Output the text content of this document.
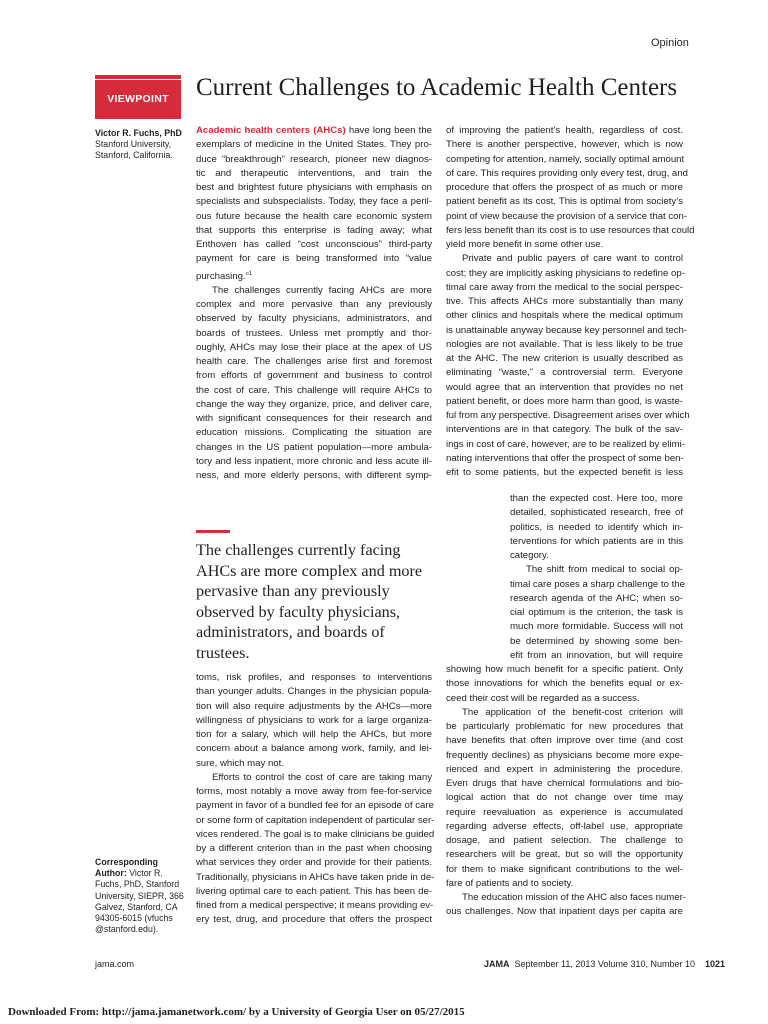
Opinion
VIEWPOINT	Current Challenges to Academic Health Centers
Victor R. Fuchs, PhD
Stanford University,
Stanford, California.
Academic health centers (AHCs) have long been the
exemplars of medicine in the United States. They pro-
duce “breakthrough” research, pioneer new diagnos-
tic and therapeutic interventions, and train the
best and brightest future physicians with emphasis on
specialists and subspecialists. Today, they face a peril-
ous future because the health care economic system
that supports this enterprise is fading away; what
Enthoven has called “cost unconscious” third-party
payment for care is being transformed into “value
purchasing.”$^1$
The challenges currently facing AHCs are more
complex and more pervasive than any previously
observed by faculty physicians, administrators, and
boards of trustees. Unless met promptly and thor-
oughly, AHCs may lose their place at the apex of US
health care. The challenges arise first and foremost
from efforts of government and business to control
the cost of care. This challenge will require AHCs to
change the way they organize, price, and deliver care,
with significant consequences for their research and
education missions. Complicating the situation are
changes in the US patient population—more ambula-
tory and less inpatient, more chronic and less acute ill-
ness, and more elderly persons, with different symp-
The challenges currently facing AHCs are more complex and more pervasive than any previously observed by faculty physicians, administrators, and boards of trustees.
toms, risk profiles, and responses to interventions
than younger adults. Changes in the physician popula-
tion will also require adjustments by the AHCs—more
willingness of physicians to work for a large organiza-
tion for a salary, which will help the AHCs, but more
concern about a balance among work, family, and lei-
sure, which may not.
Efforts to control the cost of care are taking many
forms, most notably a move away from fee-for-service
payment in favor of a bundled fee for an episode of care
or some form of capitation independent of particular ser-
vices rendered. The goal is to make clinicians be guided
by a different criterion than in the past when choosing
what services they order and provide for their patients.
Traditionally, physicians in AHCs have taken pride in de-
livering optimal care to each patient. This has been de-
fined from a medical perspective; it means providing ev-
ery test, drug, and procedure that offers the prospect
of improving the patient’s health, regardless of cost.
There is another perspective, however, which is now
competing for attention, namely, socially optimal amount
of care. This requires providing only every test, drug, and
procedure that offers the prospect of as much or more
patient benefit as its cost. This is optimal from society’s
point of view because the provision of a service that con-
fers less benefit than its cost is to use resources that could
yield more benefit in some other use.
Private and public payers of care want to control
cost; they are implicitly asking physicians to redefine op-
timal care away from the medical to the social perspec-
tive. This affects AHCs more substantially than many
other clinics and hospitals where the medical optimum
is unattainable anyway because key personnel and tech-
nologies are not available. That is less likely to be true
at the AHC. The new criterion is usually described as
eliminating “waste,” a controversial term. Everyone
would agree that an intervention that provides no net
patient benefit, or does more harm than good, is waste-
ful from any perspective. Disagreement arises over which
interventions are in that category. The bulk of the sav-
ings in cost of care, however, are to be realized by elimi-
nating interventions that offer the prospect of some ben-
efit to some patients, but the expected benefit is less
than the expected cost. Here too, more
detailed, sophisticated research, free of
politics, is needed to identify which in-
terventions for which patients are in this
category.
The shift from medical to social op-
timal care poses a sharp challenge to the
research agenda of the AHC; when so-
cial optimum is the criterion, the task is
much more formidable. Success will not
be determined by showing some ben-
efit from an innovation, but will require
showing how much benefit for a specific patient. Only
those innovations for which the benefits equal or ex-
ceed their cost will be regarded as a success.
The application of the benefit-cost criterion will
be particularly problematic for new procedures that
have benefits that often improve over time (and cost
frequently declines) as physicians become more expe-
rienced and expert in administering the procedure.
Even drugs that have chemical formulations and bio-
logical action that do not change over time may
require reevaluation as experience is accumulated
regarding adverse effects, off-label use, appropriate
dosage, and patient selection. The challenge to
researchers will be great, but so will the opportunity
for them to make significant contributions to the wel-
fare of patients and to society.
The education mission of the AHC also faces numer-
ous challenges. Now that inpatient days per capita are
Corresponding
Author: Victor R.
Fuchs, PhD, Stanford
University, SIEPR, 366
Galvez, Stanford, CA
94305-6015 (vfuchs
@stanford.edu).
jama.com	JAMA September 11, 2013 Volume 310, Number 10 1021
Downloaded From: http://jama.jamanetwork.com/ by a University of Georgia User on 05/27/2015
